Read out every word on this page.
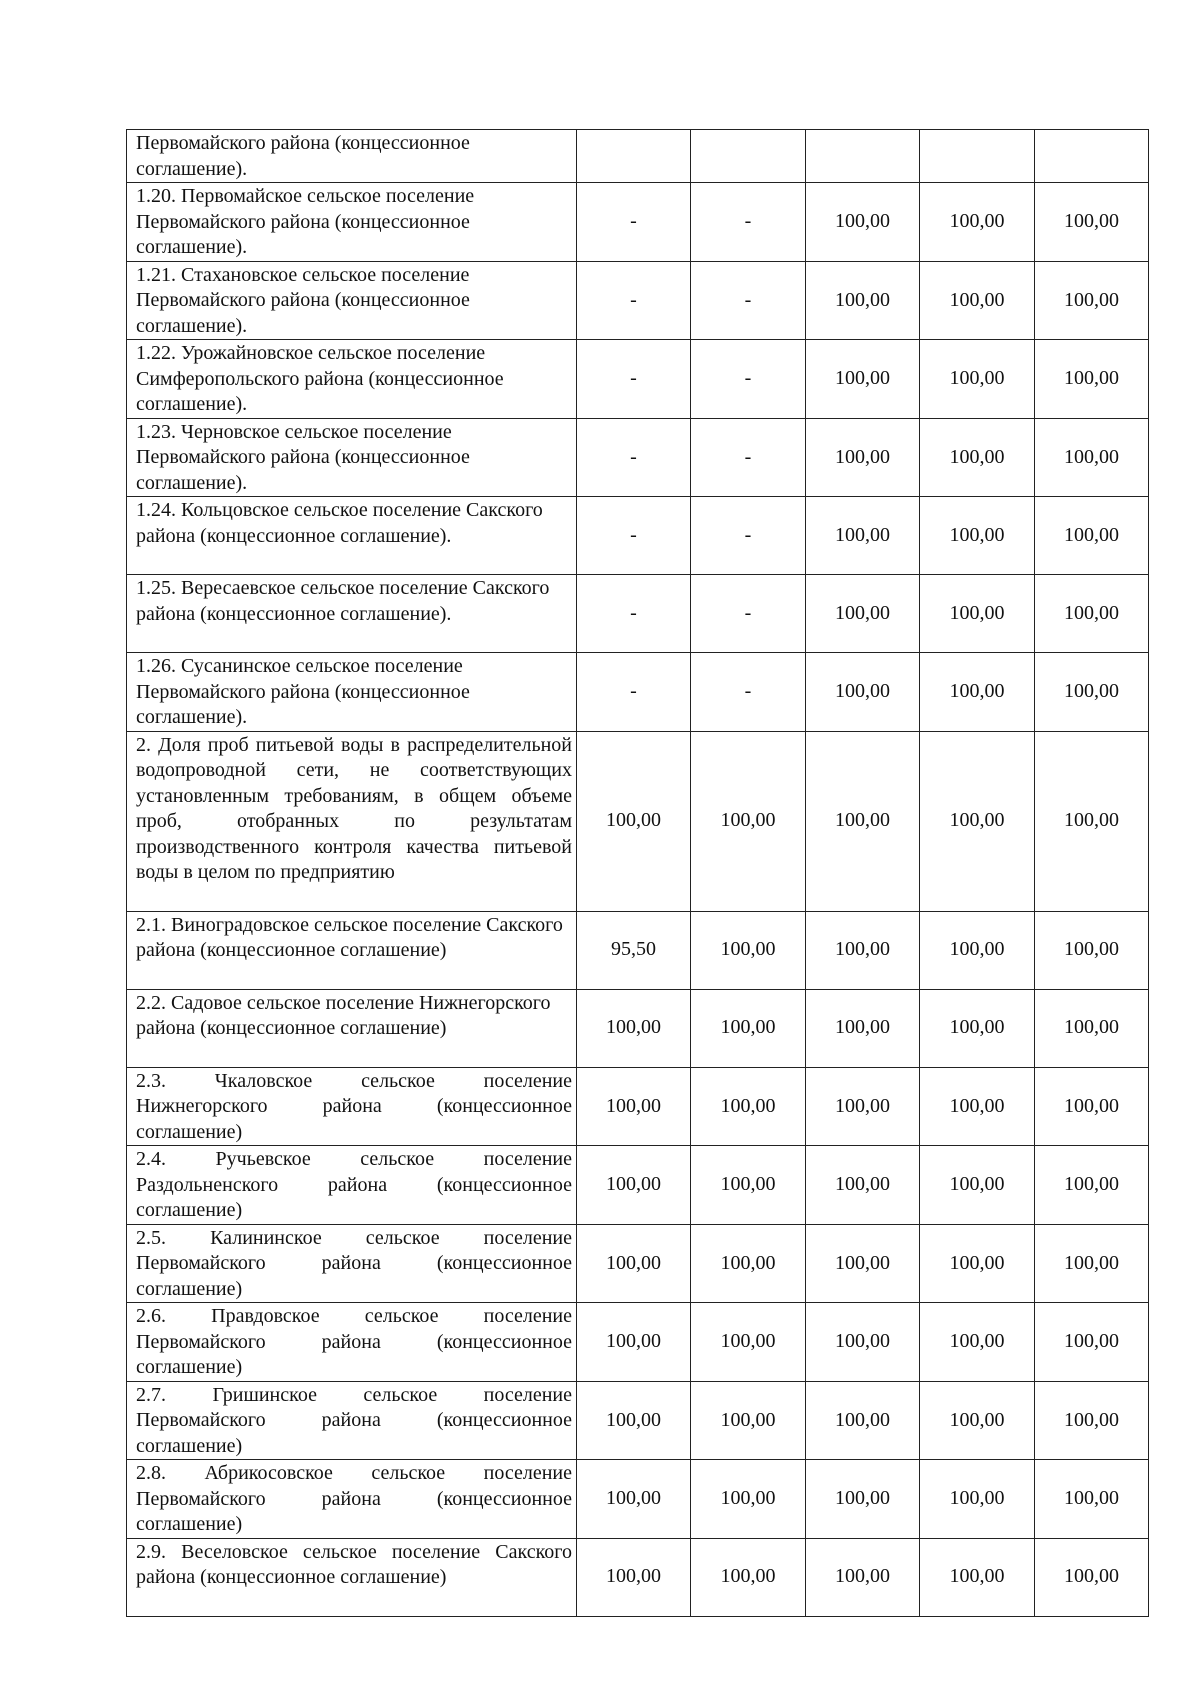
Первомайского района (концессионное соглашение).					
1.20. Первомайское сельское поселение Первомайского района (концессионное соглашение).	-	-	100,00	100,00	100,00
1.21. Стахановское сельское поселение Первомайского района (концессионное соглашение).	-	-	100,00	100,00	100,00
1.22. Урожайновское сельское поселение Симферопольского района (концессионное соглашение).	-	-	100,00	100,00	100,00
1.23. Черновское сельское поселение Первомайского района (концессионное соглашение).	-	-	100,00	100,00	100,00
1.24. Кольцовское сельское поселение Сакского района (концессионное соглашение).	-	-	100,00	100,00	100,00
1.25. Вересаевское сельское поселение Сакского района (концессионное соглашение).	-	-	100,00	100,00	100,00
1.26. Сусанинское сельское поселение Первомайского района (концессионное соглашение).	-	-	100,00	100,00	100,00
2. Доля проб питьевой воды в распределительной водопроводной сети, не соответствующих установленным требованиям, в общем объеме проб, отобранных по результатам производственного контроля качества питьевой воды в целом по предприятию	100,00	100,00	100,00	100,00	100,00
2.1. Виноградовское сельское поселение Сакского района (концессионное соглашение)	95,50	100,00	100,00	100,00	100,00
2.2. Садовое сельское поселение Нижнегорского района (концессионное соглашение)	100,00	100,00	100,00	100,00	100,00
2.3. Чкаловское сельское поселение Нижнегорского района (концессионное соглашение)	100,00	100,00	100,00	100,00	100,00
2.4. Ручьевское сельское поселение Раздольненского района (концессионное соглашение)	100,00	100,00	100,00	100,00	100,00
2.5. Калининское сельское поселение Первомайского района (концессионное соглашение)	100,00	100,00	100,00	100,00	100,00
2.6. Правдовское сельское поселение Первомайского района (концессионное соглашение)	100,00	100,00	100,00	100,00	100,00
2.7. Гришинское сельское поселение Первомайского района (концессионное соглашение)	100,00	100,00	100,00	100,00	100,00
2.8. Абрикосовское сельское поселение Первомайского района (концессионное соглашение)	100,00	100,00	100,00	100,00	100,00
2.9. Веселовское сельское поселение Сакского района (концессионное соглашение)	100,00	100,00	100,00	100,00	100,00
